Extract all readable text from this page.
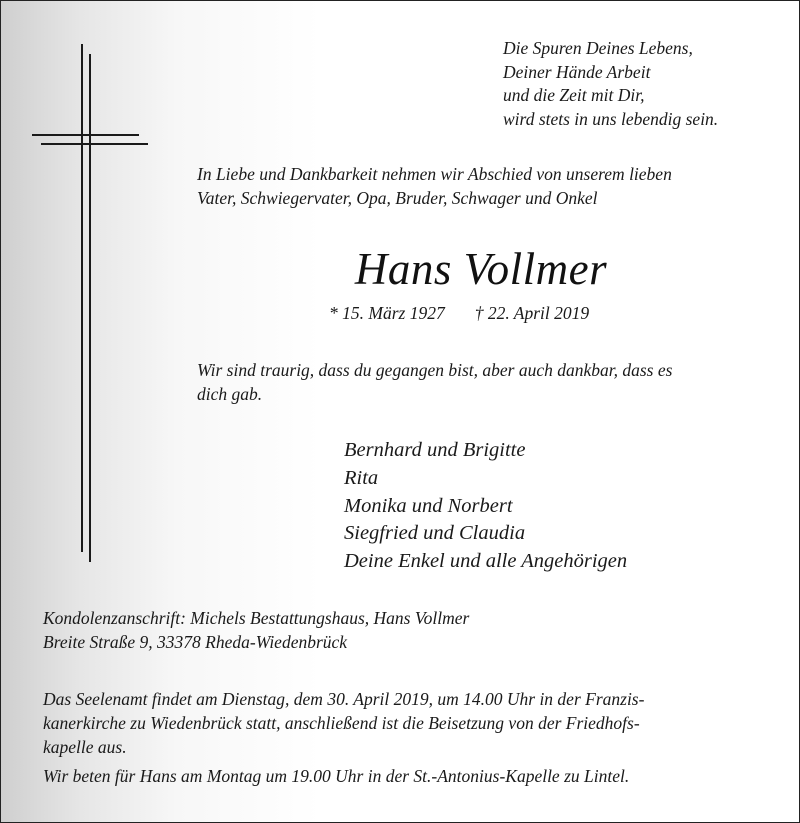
Die Spuren Deines Lebens,
Deiner Hände Arbeit
und die Zeit mit Dir,
wird stets in uns lebendig sein.
In Liebe und Dankbarkeit nehmen wir Abschied von unserem lieben
Vater, Schwiegervater, Opa, Bruder, Schwager und Onkel
Hans Vollmer
* 15. März 1927 † 22. April 2019
Wir sind traurig, dass du gegangen bist, aber auch dankbar, dass es
dich gab.
Bernhard und Brigitte
Rita
Monika und Norbert
Siegfried und Claudia
Deine Enkel und alle Angehörigen
Kondolenzanschrift: Michels Bestattungshaus, Hans Vollmer
Breite Straße 9, 33378 Rheda-Wiedenbrück
Das Seelenamt findet am Dienstag, dem 30. April 2019, um 14.00 Uhr in der Franzis-
kanerkirche zu Wiedenbrück statt, anschließend ist die Beisetzung von der Friedhofs-
kapelle aus.
Wir beten für Hans am Montag um 19.00 Uhr in der St.-Antonius-Kapelle zu Lintel.
